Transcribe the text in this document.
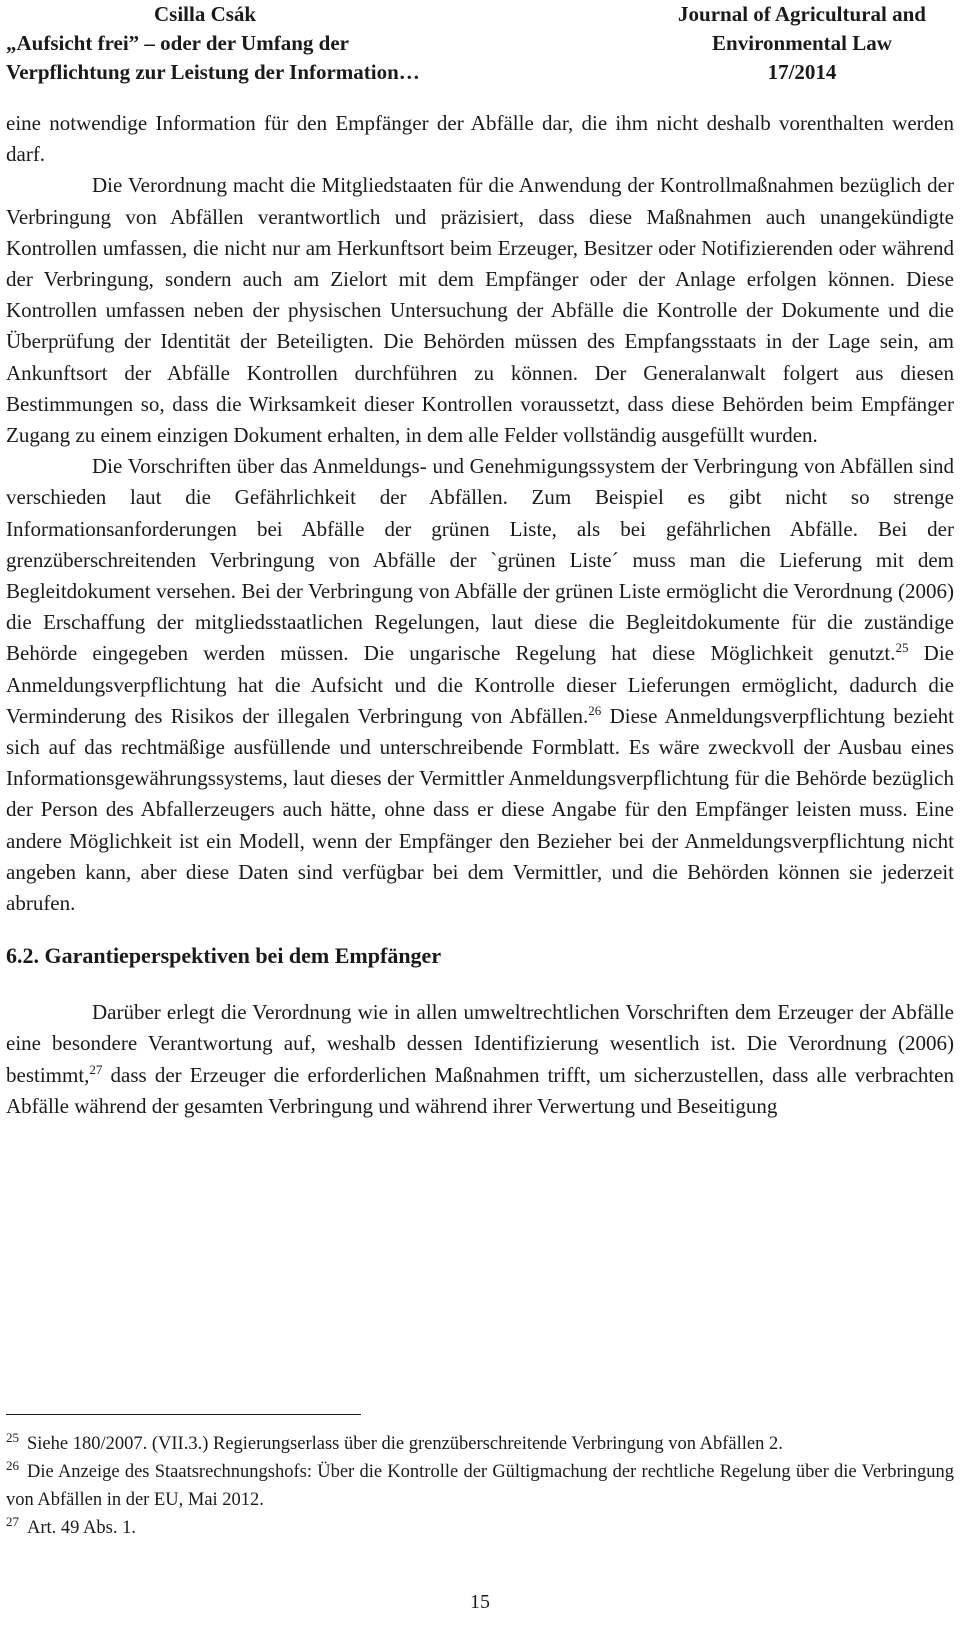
Csilla Csák
„Aufsicht frei” – oder der Umfang der
Verpflichtung zur Leistung der Information…
Journal of Agricultural and
Environmental Law
17/2014

eine notwendige Information für den Empfänger der Abfälle dar, die ihm nicht deshalb vorenthalten werden darf.

Die Verordnung macht die Mitgliedstaaten für die Anwendung der Kontrollmaßnahmen bezüglich der Verbringung von Abfällen verantwortlich und präzisiert, dass diese Maßnahmen auch unangekündigte Kontrollen umfassen, die nicht nur am Herkunftsort beim Erzeuger, Besitzer oder Notifizierenden oder während der Verbringung, sondern auch am Zielort mit dem Empfänger oder der Anlage erfolgen können. Diese Kontrollen umfassen neben der physischen Untersuchung der Abfälle die Kontrolle der Dokumente und die Überprüfung der Identität der Beteiligten. Die Behörden müssen des Empfangsstaats in der Lage sein, am Ankunftsort der Abfälle Kontrollen durchführen zu können. Der Generalanwalt folgert aus diesen Bestimmungen so, dass die Wirksamkeit dieser Kontrollen voraussetzt, dass diese Behörden beim Empfänger Zugang zu einem einzigen Dokument erhalten, in dem alle Felder vollständig ausgefüllt wurden.

Die Vorschriften über das Anmeldungs- und Genehmigungssystem der Verbringung von Abfällen sind verschieden laut die Gefährlichkeit der Abfällen. Zum Beispiel es gibt nicht so strenge Informationsanforderungen bei Abfälle der grünen Liste, als bei gefährlichen Abfälle. Bei der grenzüberschreitenden Verbringung von Abfälle der `grünen Liste´ muss man die Lieferung mit dem Begleitdokument versehen. Bei der Verbringung von Abfälle der grünen Liste ermöglicht die Verordnung (2006) die Erschaffung der mitgliedsstaatlichen Regelungen, laut diese die Begleitdokumente für die zuständige Behörde eingegeben werden müssen. Die ungarische Regelung hat diese Möglichkeit genutzt.$^{25}$ Die Anmeldungsverpflichtung hat die Aufsicht und die Kontrolle dieser Lieferungen ermöglicht, dadurch die Verminderung des Risikos der illegalen Verbringung von Abfällen.$^{26}$ Diese Anmeldungsverpflichtung bezieht sich auf das rechtmäßige ausfüllende und unterschreibende Formblatt. Es wäre zweckvoll der Ausbau eines Informationsgewährungssystems, laut dieses der Vermittler Anmeldungsverpflichtung für die Behörde bezüglich der Person des Abfallerzeugers auch hätte, ohne dass er diese Angabe für den Empfänger leisten muss. Eine andere Möglichkeit ist ein Modell, wenn der Empfänger den Bezieher bei der Anmeldungsverpflichtung nicht angeben kann, aber diese Daten sind verfügbar bei dem Vermittler, und die Behörden können sie jederzeit abrufen.

6.2. Garantieperspektiven bei dem Empfänger

Darüber erlegt die Verordnung wie in allen umweltrechtlichen Vorschriften dem Erzeuger der Abfälle eine besondere Verantwortung auf, weshalb dessen Identifizierung wesentlich ist. Die Verordnung (2006) bestimmt,$^{27}$ dass der Erzeuger die erforderlichen Maßnahmen trifft, um sicherzustellen, dass alle verbrachten Abfälle während der gesamten Verbringung und während ihrer Verwertung und Beseitigung

$^{25}$ Siehe 180/2007. (VII.3.) Regierungserlass über die grenzüberschreitende Verbringung von Abfällen 2.

$^{26}$ Die Anzeige des Staatsrechnungshofs: Über die Kontrolle der Gültigmachung der rechtliche Regelung über die Verbringung von Abfällen in der EU, Mai 2012.

$^{27}$ Art. 49 Abs. 1.

15
